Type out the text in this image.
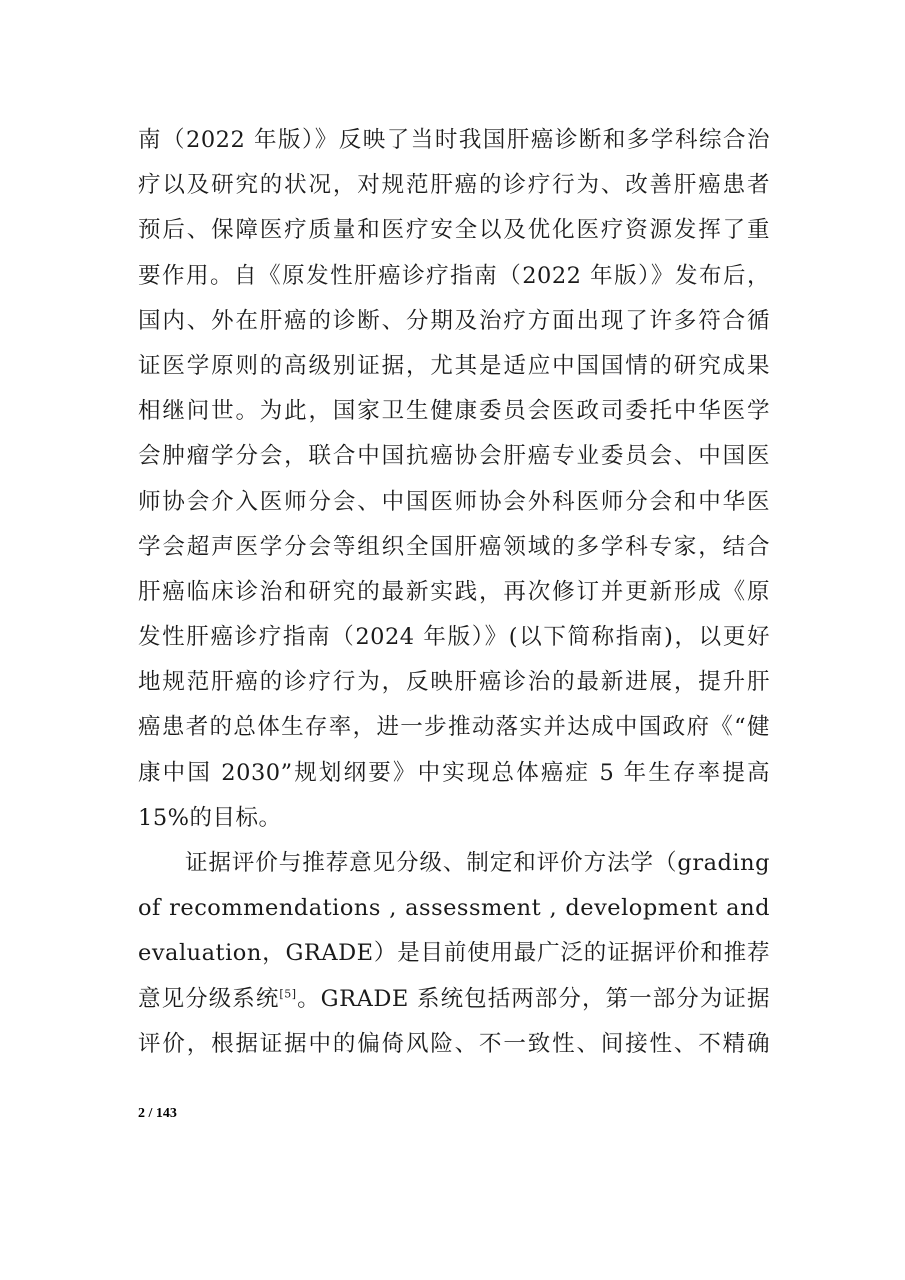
南（2022 年版）》反映了当时我国肝癌诊断和多学科综合治
疗以及研究的状况，对规范肝癌的诊疗行为、改善肝癌患者
预后、保障医疗质量和医疗安全以及优化医疗资源发挥了重
要作用。自《原发性肝癌诊疗指南（2022 年版）》发布后，
国内、外在肝癌的诊断、分期及治疗方面出现了许多符合循
证医学原则的高级别证据，尤其是适应中国国情的研究成果
相继问世。为此，国家卫生健康委员会医政司委托中华医学
会肿瘤学分会，联合中国抗癌协会肝癌专业委员会、中国医
师协会介入医师分会、中国医师协会外科医师分会和中华医
学会超声医学分会等组织全国肝癌领域的多学科专家，结合
肝癌临床诊治和研究的最新实践，再次修订并更新形成《原
发性肝癌诊疗指南（2024 年版）》(以下简称指南)，以更好
地规范肝癌的诊疗行为，反映肝癌诊治的最新进展，提升肝
癌患者的总体生存率，进一步推动落实并达成中国政府《“健
康中国 2030”规划纲要》中实现总体癌症 5 年生存率提高
15%的目标。
证据评价与推荐意见分级、制定和评价方法学（grading
of recommendations , assessment , development and
evaluation，GRADE）是目前使用最广泛的证据评价和推荐
意见分级系统[5]。GRADE 系统包括两部分，第一部分为证据
评价，根据证据中的偏倚风险、不一致性、间接性、不精确
2 / 143
